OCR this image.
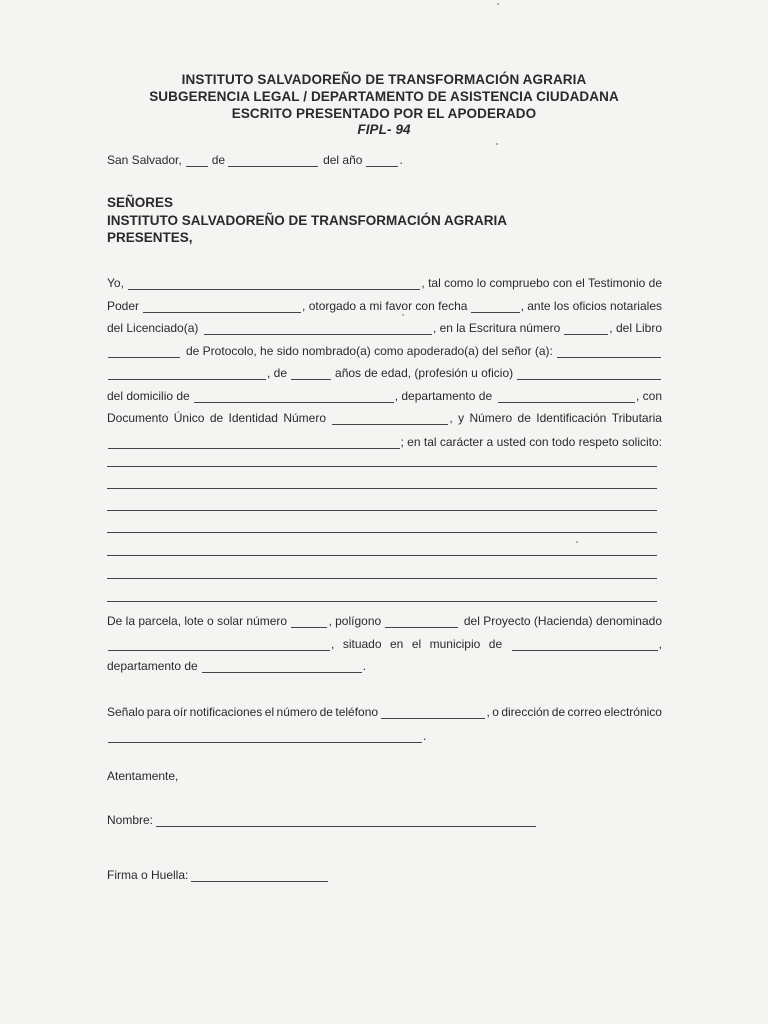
INSTITUTO SALVADOREÑO DE TRANSFORMACIÓN AGRARIA
SUBGERENCIA LEGAL / DEPARTAMENTO DE ASISTENCIA CIUDADANA
ESCRITO PRESENTADO POR EL APODERADO
FIPL- 94
San Salvador,	de	del año	.
SEÑORES
INSTITUTO SALVADOREÑO DE TRANSFORMACIÓN AGRARIA
PRESENTES,
Yo,	, tal como lo compruebo con el Testimonio de
Poder	, otorgado a mi favor con fecha	, ante los oficios notariales
del Licenciado(a)	, en la Escritura número	, del Libro
de Protocolo, he sido nombrado(a) como apoderado(a) del señor (a):
, de	años de edad, (profesión u oficio)
del domicilio de	, departamento de	, con
Documento Único de Identidad Número	, y Número de Identificación Tributaria
; en tal carácter a usted con todo respeto solicito:
De la parcela, lote o solar número	, polígono	del Proyecto (Hacienda) denominado
, situado en el municipio de	,
departamento de	.
Señalo para oír notificaciones el número de teléfono	, o dirección de correo electrónico
.
Atentamente,
Nombre:
Firma o Huella:
